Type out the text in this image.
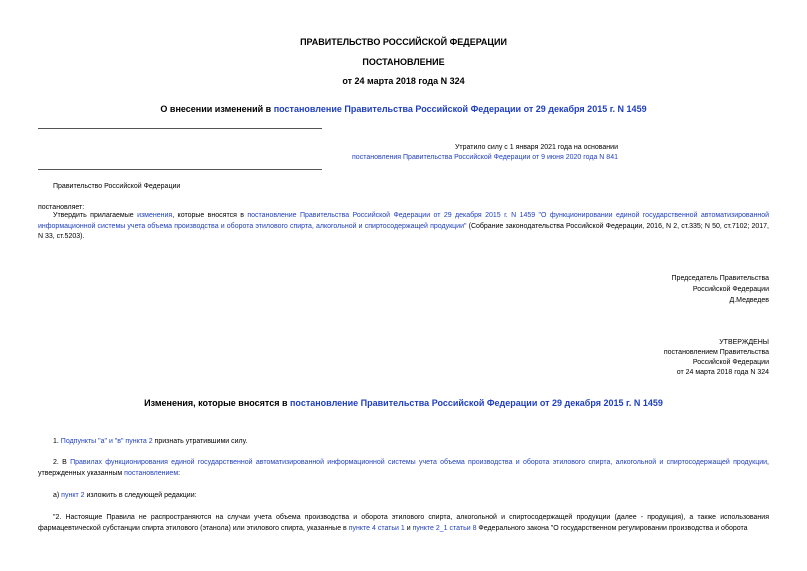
ПРАВИТЕЛЬСТВО РОССИЙСКОЙ ФЕДЕРАЦИИ
ПОСТАНОВЛЕНИЕ
от 24 марта 2018 года N 324
О внесении изменений в постановление Правительства Российской Федерации от 29 декабря 2015 г. N 1459
Утратило силу с 1 января 2021 года на основании
постановления Правительства Российской Федерации от 9 июня 2020 года N 841
Правительство Российской Федерации
постановляет:
Утвердить прилагаемые изменения, которые вносятся в постановление Правительства Российской Федерации от 29 декабря 2015 г. N 1459 "О функционировании единой государственной автоматизированной информационной системы учета объема производства и оборота этилового спирта, алкогольной и спиртосодержащей продукции" (Собрание законодательства Российской Федерации, 2016, N 2, ст.335; N 50, ст.7102; 2017, N 33, ст.5203).
Председатель Правительства
Российской Федерации
Д.Медведев
УТВЕРЖДЕНЫ
постановлением Правительства
Российской Федерации
от 24 марта 2018 года N 324
Изменения, которые вносятся в постановление Правительства Российской Федерации от 29 декабря 2015 г. N 1459
1. Подпункты "а" и "в" пункта 2 признать утратившими силу.
2. В Правилах функционирования единой государственной автоматизированной информационной системы учета объема производства и оборота этилового спирта, алкогольной и спиртосодержащей продукции, утвержденных указанным постановлением:
а) пункт 2 изложить в следующей редакции:
"2. Настоящие Правила не распространяются на случаи учета объема производства и оборота этилового спирта, алкогольной и спиртосодержащей продукции (далее - продукция), а также использования фармацевтической субстанции спирта этилового (этанола) или этилового спирта, указанные в пункте 4 статьи 1 и пункте 2_1 статьи 8 Федерального закона "О государственном регулировании производства и оборота
